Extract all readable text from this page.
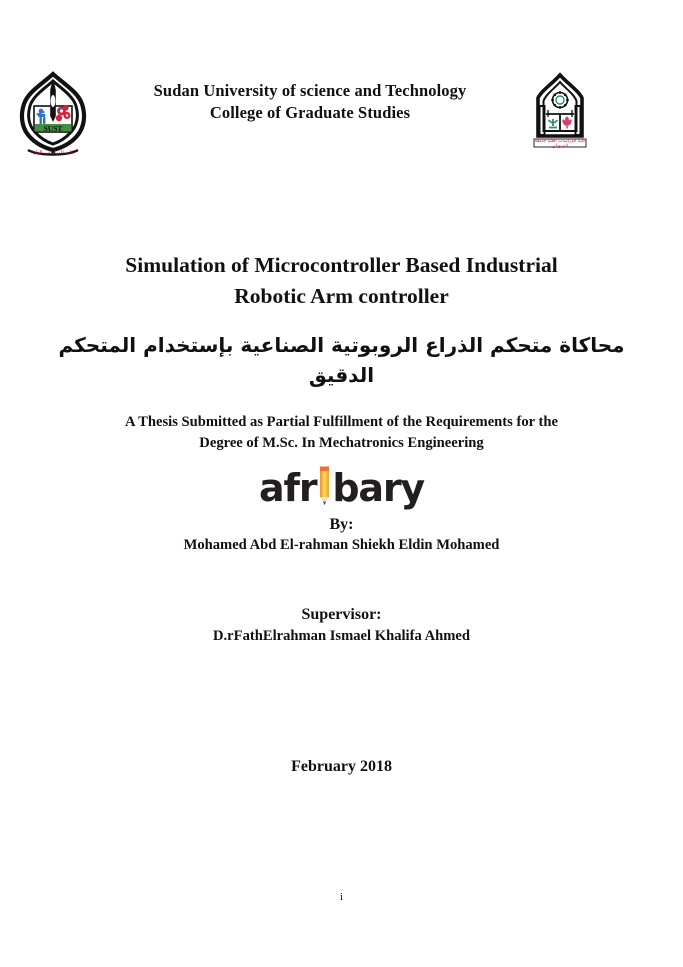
SUST
كلية الدراسات العليا
Sudan University of science and Technology
College of Graduate Studies
كلية الدراسات العليا جامعة السودان
Simulation of Microcontroller Based Industrial
Robotic Arm controller
محاكاة متحكم الذراع الروبوتية الصناعية بإستخدام المتحكم الدقيق
A Thesis Submitted as Partial Fulfillment of the Requirements for the
Degree of M.Sc. In Mechatronics Engineering
afr bary
By:
Mohamed Abd El-rahman Shiekh Eldin Mohamed
Supervisor:
D.rFathElrahman Ismael Khalifa Ahmed
February 2018
i
